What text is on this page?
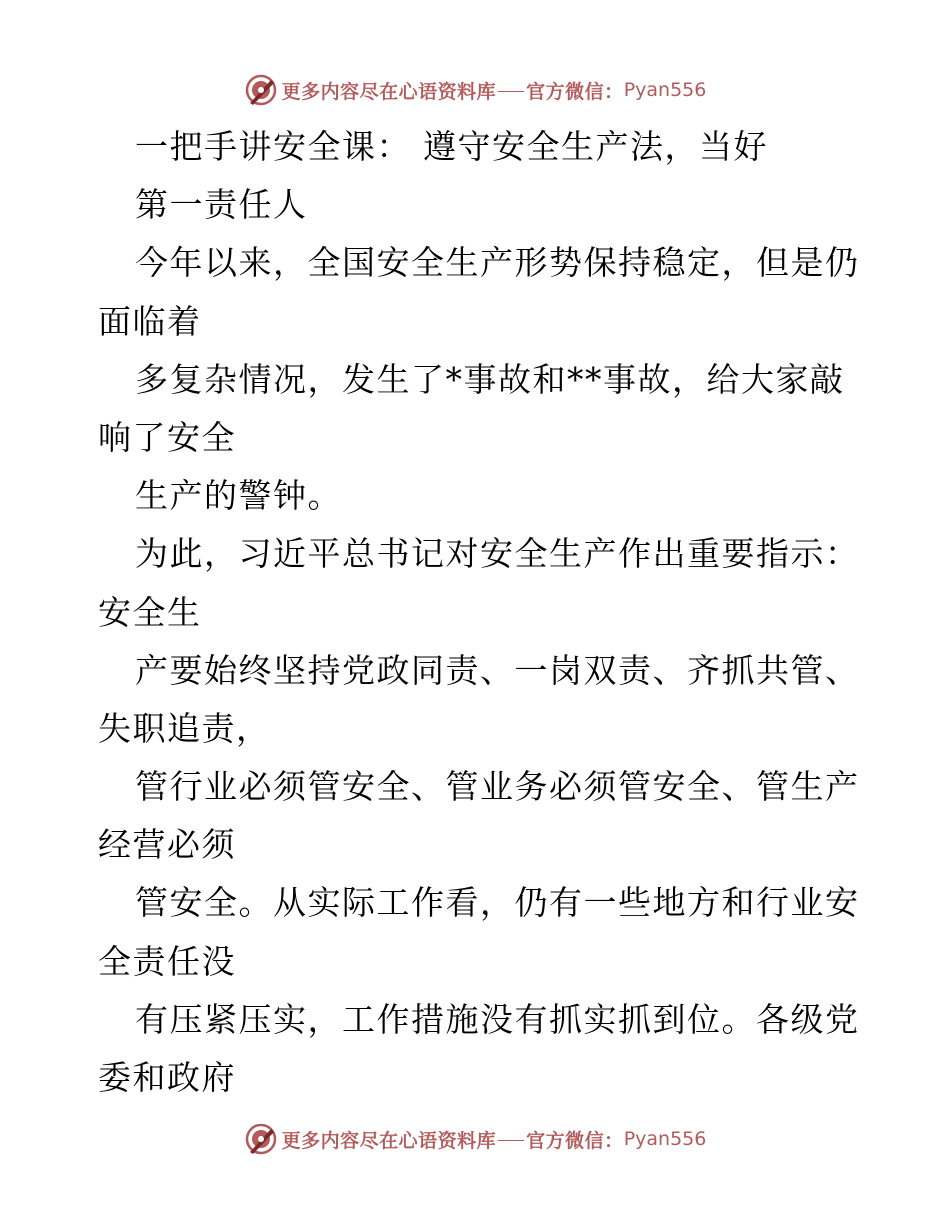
更多内容尽在心语资料库 官方微信： Pyan556
一把手讲安全课： 遵守安全生产法，当好
第一责任人
今年以来，全国安全生产形势保持稳定，但是仍
面临着
多复杂情况，发生了*事故和**事故，给大家敲
响了安全
生产的警钟。
为此，习近平总书记对安全生产作出重要指示：
安全生
产要始终坚持党政同责、一岗双责、齐抓共管、
失职追责，
管行业必须管安全、管业务必须管安全、管生产
经营必须
管安全。从实际工作看，仍有一些地方和行业安
全责任没
有压紧压实，工作措施没有抓实抓到位。各级党
委和政府
更多内容尽在心语资料库 官方微信： Pyan556
